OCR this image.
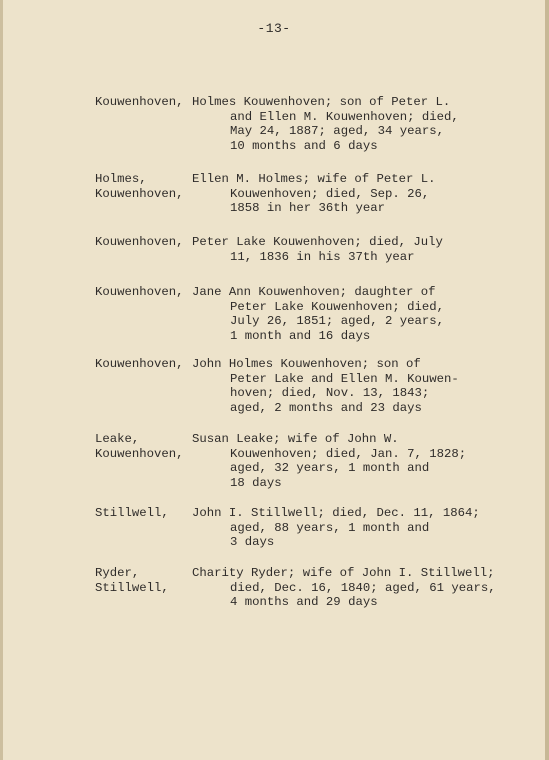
-13-
Kouwenhoven, Holmes Kouwenhoven; son of Peter L.
and Ellen M. Kouwenhoven; died,
May 24, 1887; aged, 34 years,
10 months and 6 days
Holmes,
Kouwenhoven,
Ellen M. Holmes; wife of Peter L.
Kouwenhoven; died, Sep. 26,
1858 in her 36th year
Kouwenhoven, Peter Lake Kouwenhoven; died, July
11, 1836 in his 37th year
Kouwenhoven, Jane Ann Kouwenhoven; daughter of
Peter Lake Kouwenhoven; died,
July 26, 1851; aged, 2 years,
1 month and 16 days
Kouwenhoven, John Holmes Kouwenhoven; son of
Peter Lake and Ellen M. Kouwen-
hoven; died, Nov. 13, 1843;
aged, 2 months and 23 days
Leake,
Kouwenhoven,
Susan Leake; wife of John W.
Kouwenhoven; died, Jan. 7, 1828;
aged, 32 years, 1 month and
18 days
Stillwell, John I. Stillwell; died, Dec. 11, 1864;
aged, 88 years, 1 month and
3 days
Ryder,
Stillwell,
Charity Ryder; wife of John I. Stillwell;
died, Dec. 16, 1840; aged, 61 years,
4 months and 29 days
